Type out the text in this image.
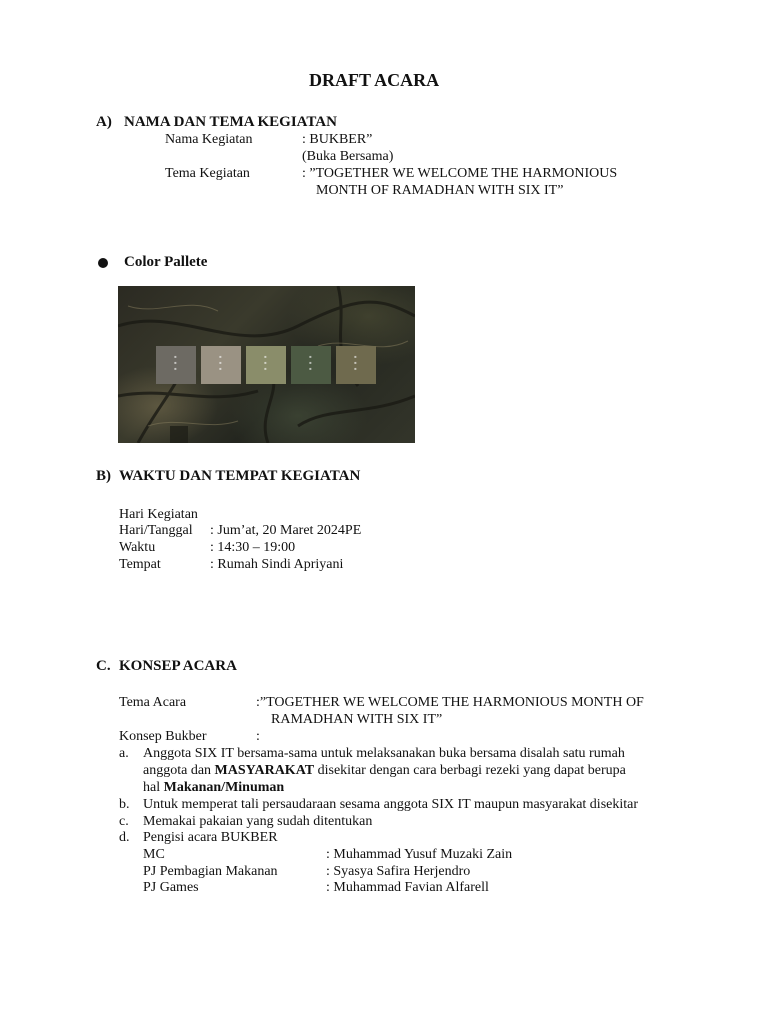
DRAFT ACARA
A) NAMA DAN TEMA KEGIATAN
Nama Kegiatan	: BUKBER”
(Buka Bersama)
Tema Kegiatan	: ”TOGETHER WE WELCOME THE HARMONIOUS
MONTH OF RAMADHAN WITH SIX IT”
Color Pallete
■ ■ ■	■ ■ ■	■ ■ ■	■ ■ ■	■ ■ ■
B) WAKTU DAN TEMPAT KEGIATAN
Hari Kegiatan
Hari/Tanggal : Jum’at, 20 Maret 2024PE
Waktu	: 14:30 – 19:00
Tempat	: Rumah Sindi Apriyani
C. KONSEP ACARA
Tema Acara	:”TOGETHER WE WELCOME THE HARMONIOUS MONTH OF
RAMADHAN WITH SIX IT”
Konsep Bukber	:
a. Anggota SIX IT bersama-sama untuk melaksanakan buka bersama disalah satu rumah
anggota dan MASYARAKAT disekitar dengan cara berbagi rezeki yang dapat berupa
hal Makanan/Minuman
b. Untuk memperat tali persaudaraan sesama anggota SIX IT maupun masyarakat disekitar
c. Memakai pakaian yang sudah ditentukan
d. Pengisi acara BUKBER
MC	: Muhammad Yusuf Muzaki Zain
PJ Pembagian Makanan	: Syasya Safira Herjendro
PJ Games	: Muhammad Favian Alfarell
